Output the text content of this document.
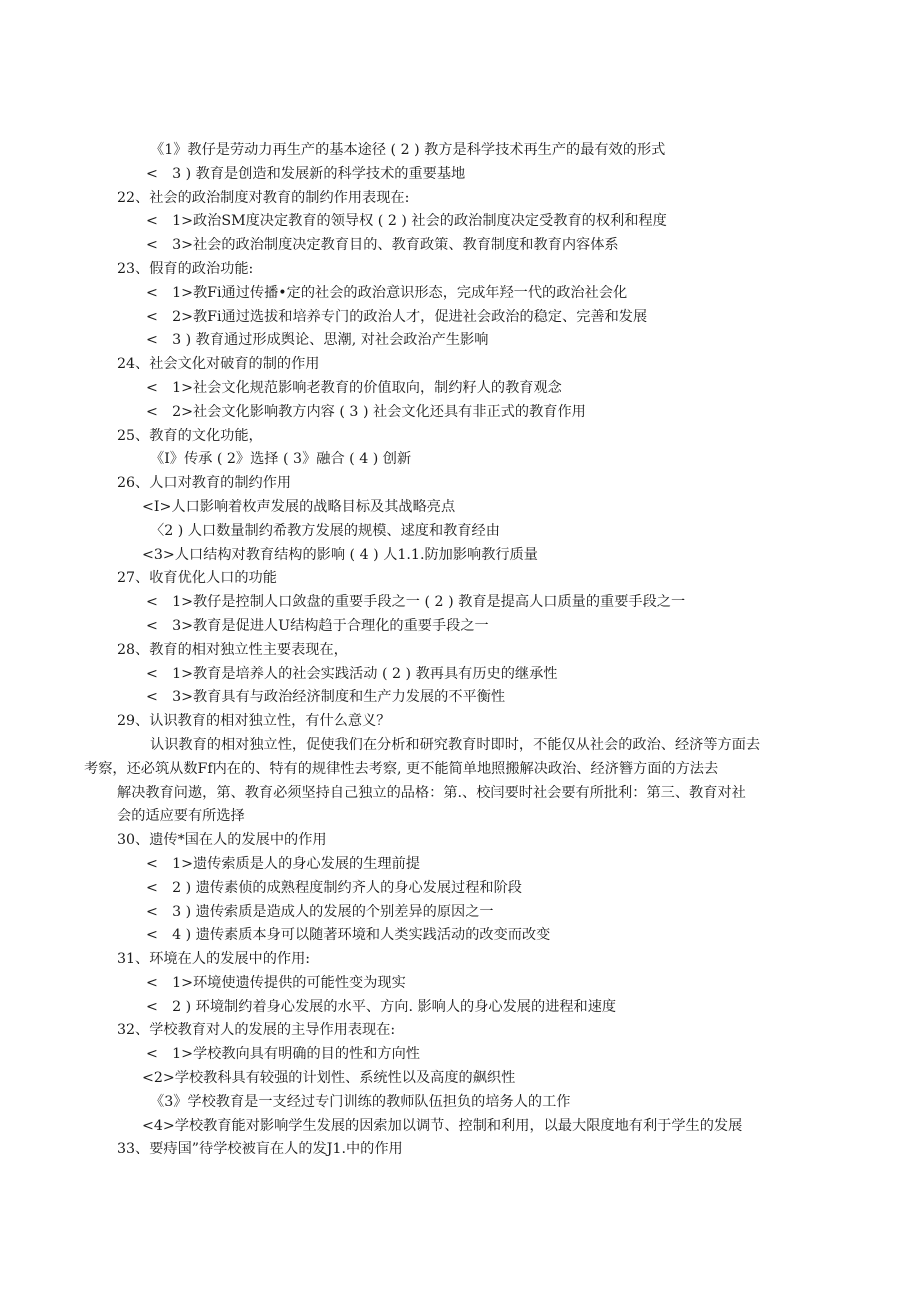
《1》教仔是劳动力再生产的基本途径 ( 2 ) 教方是科学技术再生产的最有效的形式
<　3 ) 教育是创造和发展新的科学技术的重要基地
22、社会的政治制度对教育的制约作用表现在:
<　1>政治SM度决定教育的领导权 ( 2 ) 社会的政治制度决定受教育的权利和程度
<　3>社会的政治制度决定教育目的、教育政策、教育制度和教育内容体系
23、假育的政治功能:
<　1>教Fi通过传播•定的社会的政治意识形态，完成年羟一代的政治社会化
<　2>教Fi通过选拔和培养专门的政治人才，促进社会政治的稳定、完善和发展
<　3 ) 教育通过形成舆论、思潮, 对社会政治产生影响
24、社会文化对破育的制的作用
<　1>社会文化规范影响老教育的价值取向，制约籽人的教育观念
<　2>社会文化影响教方内容 ( 3 ) 社会文化还具有非正式的教育作用
25、教育的文化功能，
《I》传承 ( 2》选择 ( 3》融合 ( 4 ) 创新
26、人口对教育的制约作用
<I>人口影响着枚声发展的战略目标及其战略亮点
〈2 ) 人口数量制约希教方发展的规模、逑度和教育经由
<3>人口结构对教育结构的影响 ( 4 ) 人1.1.防加影响教行质量
27、收育优化人口的功能
<　1>教仔是控制人口敛盘的重要手段之一 ( 2 ) 教育是提高人口质量的重要手段之一
<　3>教育是促进人U结构趋于合理化的重要手段之一
28、教育的相对独立性主要表现在，
<　1>教育是培养人的社会实践活动 ( 2 ) 教再具有历史的继承性
<　3>教育具有与政治经济制度和生产力发展的不平衡性
29、认识教育的相对独立性，有什么意义？
认识教育的相对独立性，促使我们在分析和研究教育时即时，不能仅从社会的政治、经济等方面去
考察，还必筑从数Ff内在的、特有的规律性去考察, 更不能简单地照搬解决政治、经济簪方面的方法去
解决教育问遨，第、教育必须坚持自己独立的品格：第.、校闫要时社会要有所批利：第三、教育对社
会的适应要有所选择
30、遗传*国在人的发展中的作用
<　1>遗传索质是人的身心发展的生理前提
<　2 ) 遗传素侦的成熟程度制约齐人的身心发展过程和阶段
<　3 ) 遗传索质是造成人的发展的个别差异的原因之一
<　4 ) 遗传素质本身可以随著环境和人类实践活动的改变而改变
31、环境在人的发展中的作用:
<　1>环境使遗传提供的可能性变为现实
<　2 ) 环境制约着身心发展的水平、方向. 影响人的身心发展的进程和速度
32、学校教育对人的发展的主导作用表现在:
<　1>学校教向具有明确的目的性和方向性
<2>学校教科具有较强的计划性、系统性以及高度的飙织性
《3》学校教育是一支经过专门训练的教师队伍担负的培务人的工作
<4>学校教育能对影响学生发展的因索加以调节、控制和利用，以最大限度地有利于学生的发展
33、要痔国”待学校被肓在人的发J1.中的作用
